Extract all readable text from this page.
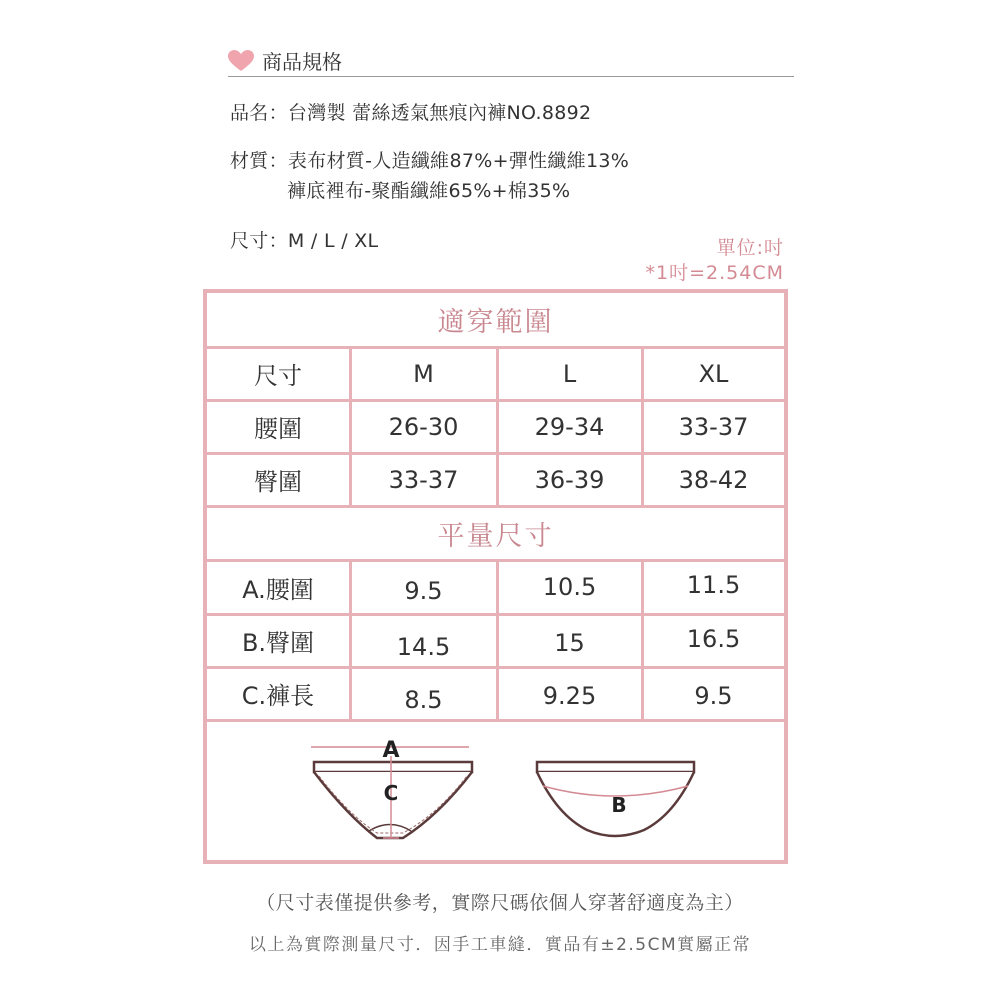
商品規格
品名：台灣製 蕾絲透氣無痕內褲NO.8892
材質：表布材質-人造纖維87%+彈性纖維13%
褲底裡布-聚酯纖維65%+棉35%
尺寸：M / L / XL	單位:吋
*1吋=2.54CM
適穿範圍
尺寸	M	L	XL
腰圍	26-30	29-34	33-37
臀圍	33-37	36-39	38-42
平量尺寸
A.腰圍	9.5	10.5	11.5
B.臀圍	14.5	15	16.5
C.褲長	8.5	9.25	9.5
A
C	B
（尺寸表僅提供參考，實際尺碼依個人穿著舒適度為主）
以上為實際測量尺寸．因手工車縫．實品有±2.5CM實屬正常
